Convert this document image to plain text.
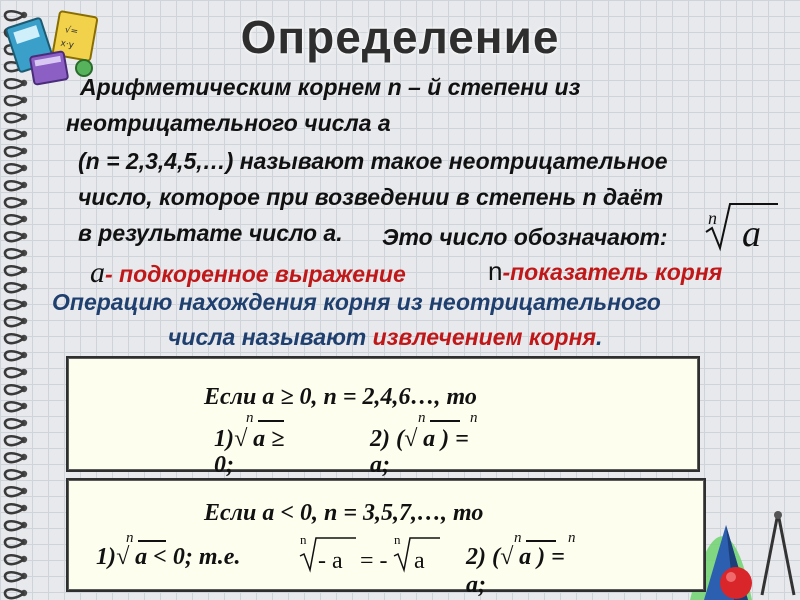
√=
x·y	Определение
Арифметическим корнем n – й степени из
неотрицательного числа a
(n = 2,3,4,5,…) называют такое неотрицательное
число, которое при возведении в степень n даёт
в результате число a. Это число обозначают:
n a
a- подкоренное выражение	n-показатель корня
Операцию нахождения корня из неотрицательного
числа называют извлечением корня.
Если a ≥ 0, n = 2,4,6…, то
n
1)√ a ≥
0;
n	n
2) (√ a ) =
a;
Если a < 0, n = 3,5,7,…, то
n
1)√ a < 0; т.е.
n
- a = -
n
a
n	n
2) (√ a ) =
a;
